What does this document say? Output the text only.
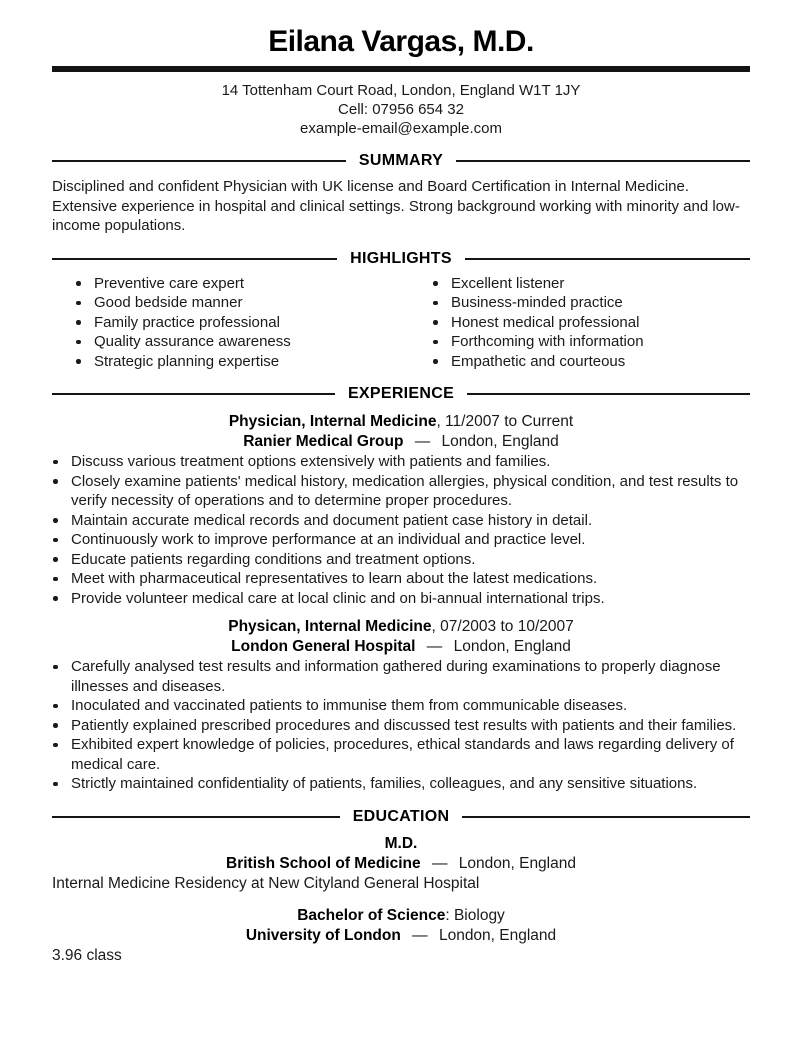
Eilana Vargas, M.D.
14 Tottenham Court Road, London, England W1T 1JY
Cell: 07956 654 32
example-email@example.com
SUMMARY
Disciplined and confident Physician with UK license and Board Certification in Internal Medicine. Extensive experience in hospital and clinical settings. Strong background working with minority and low-income populations.
HIGHLIGHTS
Preventive care expert
Good bedside manner
Family practice professional
Quality assurance awareness
Strategic planning expertise
Excellent listener
Business-minded practice
Honest medical professional
Forthcoming with information
Empathetic and courteous
EXPERIENCE
Physician, Internal Medicine, 11/2007 to Current
Ranier Medical Group — London, England
Discuss various treatment options extensively with patients and families.
Closely examine patients' medical history, medication allergies, physical condition, and test results to verify necessity of operations and to determine proper procedures.
Maintain accurate medical records and document patient case history in detail.
Continuously work to improve performance at an individual and practice level.
Educate patients regarding conditions and treatment options.
Meet with pharmaceutical representatives to learn about the latest medications.
Provide volunteer medical care at local clinic and on bi-annual international trips.
Physican, Internal Medicine, 07/2003 to 10/2007
London General Hospital — London, England
Carefully analysed test results and information gathered during examinations to properly diagnose illnesses and diseases.
Inoculated and vaccinated patients to immunise them from communicable diseases.
Patiently explained prescribed procedures and discussed test results with patients and their families.
Exhibited expert knowledge of policies, procedures, ethical standards and laws regarding delivery of medical care.
Strictly maintained confidentiality of patients, families, colleagues, and any sensitive situations.
EDUCATION
M.D.
British School of Medicine — London, England
Internal Medicine Residency at New Cityland General Hospital
Bachelor of Science: Biology
University of London — London, England
3.96 class
